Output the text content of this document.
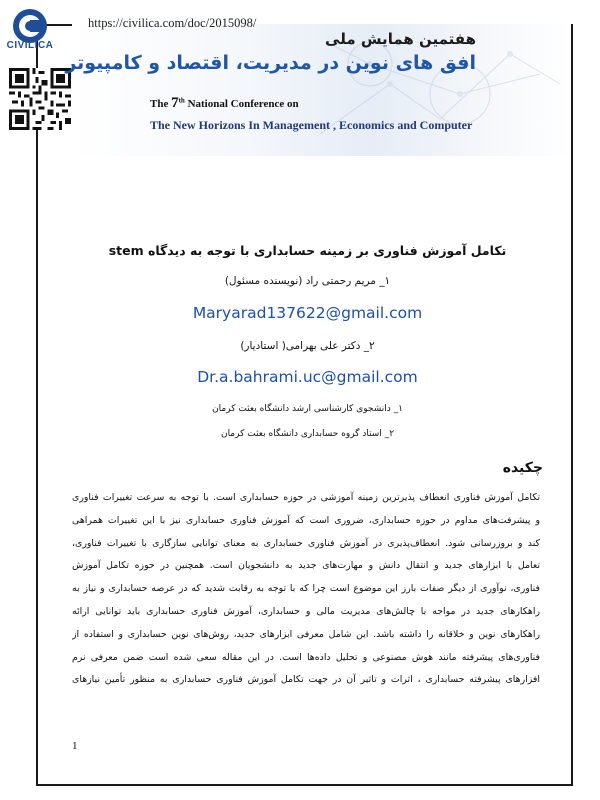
CIVILICA
https://civilica.com/doc/2015098/
هفتمین همایش ملی
افق های نوین در مدیریت، اقتصاد و کامپیوتر
The 7th National Conference on
The New Horizons In Management , Economics and Computer
تکامل آموزش فناوری بر زمینه حسابداری با توجه به دیدگاه stem
۱_ مریم رحمتی راد (نویسنده مسئول)
Maryarad137622@gmail.com
۲_ دکتر علی بهرامی( استادیار)
Dr.a.bahrami.uc@gmail.com
۱_ دانشجوی کارشناسی ارشد دانشگاه بعثت کرمان
۲_ استاد گروه حسابداری دانشگاه بعثت کرمان
چکیده
تکامل آموزش فناوری انعطاف پذیرترین زمینه آموزشی در حوزه حسابداری است. با توجه به سرعت تغییرات فناوری
و پیشرفت‌های مداوم در حوزه حسابداری، ضروری است که آموزش فناوری حسابداری نیز با این تغییرات همراهی
کند و بروزرسانی شود. انعطاف‌پذیری در آموزش فناوری حسابداری به معنای توانایی سازگاری با تغییرات فناوری،
تعامل با ابزارهای جدید و انتقال دانش و مهارت‌های جدید به دانشجویان است. همچنین در حوزه تکامل آموزش
فناوری، نوآوری از دیگر صفات بارز این موضوع است چرا که با توجه به رقابت شدید که در عرصه حسابداری و نیاز به
راهکارهای جدید در مواجه با چالش‌های مدیریت مالی و حسابداری، آموزش فناوری حسابداری باید توانایی ارائه
راهکارهای نوین و خلاقانه را داشته باشد. این شامل معرفی ابزارهای جدید، روش‌های نوین حسابداری و استفاده از
فناوری‌های پیشرفته مانند هوش مصنوعی و تحلیل داده‌ها است. در این مقاله سعی شده است ضمن معرفی نرم
افزارهای پیشرفته حسابداری ، اثرات و تاثیر آن در جهت تکامل آموزش فناوری حسابداری به منظور تأمین نیازهای
1
